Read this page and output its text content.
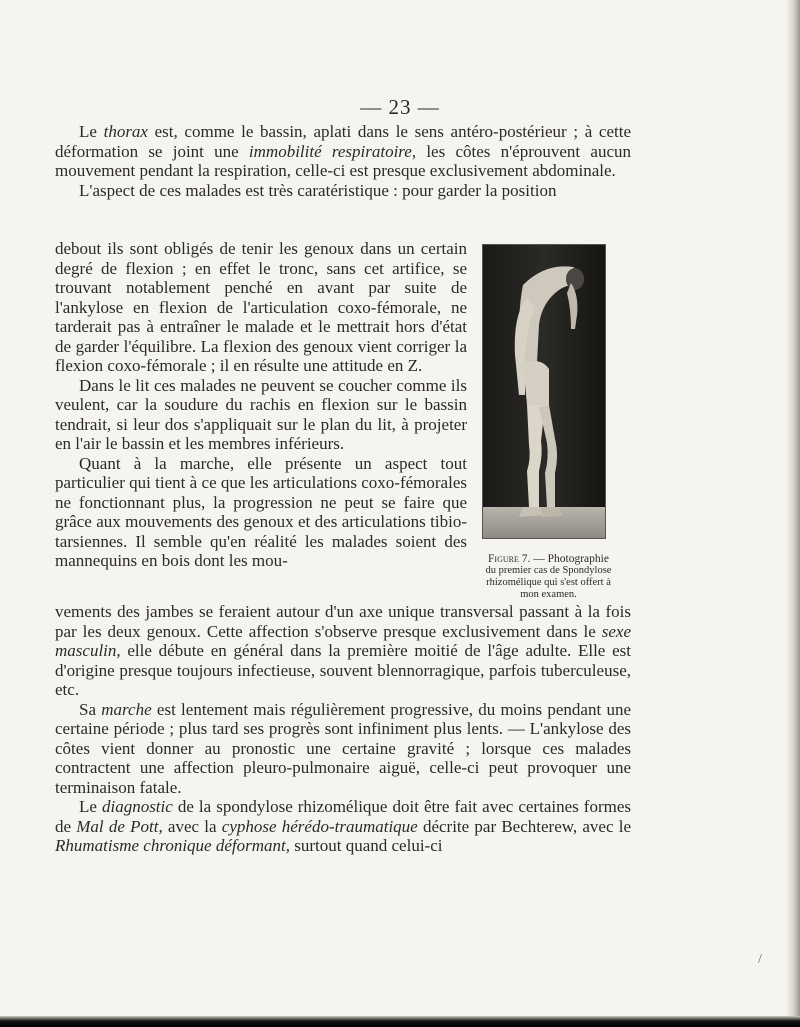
— 23 —

Le thorax est, comme le bassin, aplati dans le sens antéro-postérieur ; à cette déformation se joint une immobilité respiratoire, les côtes n'éprouvent aucun mouvement pendant la respiration, celle-ci est presque exclusivement abdominale.

L'aspect de ces malades est très caratéristique : pour garder la position

debout ils sont obligés de tenir les genoux dans un certain degré de flexion ; en effet le tronc, sans cet artifice, se trouvant notablement penché en avant par suite de l'ankylose en flexion de l'articulation coxo-fémorale, ne tarderait pas à entraîner le malade et le mettrait hors d'état de garder l'équilibre. La flexion des genoux vient corriger la flexion coxo-fémorale ; il en résulte une attitude en Z.

Dans le lit ces malades ne peuvent se coucher comme ils veulent, car la soudure du rachis en flexion sur le bassin tendrait, si leur dos s'appliquait sur le plan du lit, à projeter en l'air le bassin et les membres inférieurs.

Quant à la marche, elle présente un aspect tout particulier qui tient à ce que les articulations coxo-fémorales ne fonctionnant plus, la progression ne peut se faire que grâce aux mouvements des genoux et des articulations tibio-tarsiennes. Il semble qu'en réalité les malades soient des mannequins en bois dont les mou-	Figure 7. — Photographie
du premier cas de Spondylose rhizomélique qui s'est offert à mon examen.

vements des jambes se feraient autour d'un axe unique transversal passant à la fois par les deux genoux. Cette affection s'observe presque exclusivement dans le sexe masculin, elle débute en général dans la première moitié de l'âge adulte. Elle est d'origine presque toujours infectieuse, souvent blennorragique, parfois tuberculeuse, etc.

Sa marche est lentement mais régulièrement progressive, du moins pendant une certaine période ; plus tard ses progrès sont infiniment plus lents. — L'ankylose des côtes vient donner au pronostic une certaine gravité ; lorsque ces malades contractent une affection pleuro-pulmonaire aiguë, celle-ci peut provoquer une terminaison fatale.

Le diagnostic de la spondylose rhizomélique doit être fait avec certaines formes de Mal de Pott, avec la cyphose hérédo-traumatique décrite par Bechterew, avec le Rhumatisme chronique déformant, surtout quand celui-ci

/
